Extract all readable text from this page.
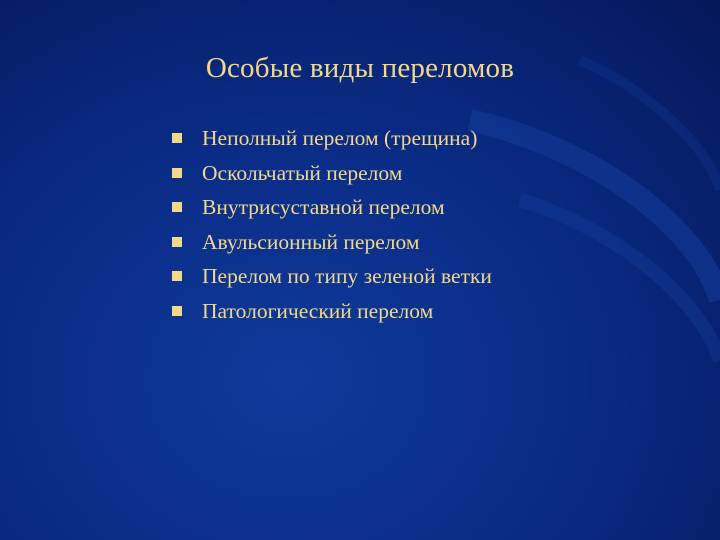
Особые виды переломов
Неполный перелом (трещина)
Оскольчатый перелом
Внутрисуставной перелом
Авульсионный перелом
Перелом по типу зеленой ветки
Патологический перелом
